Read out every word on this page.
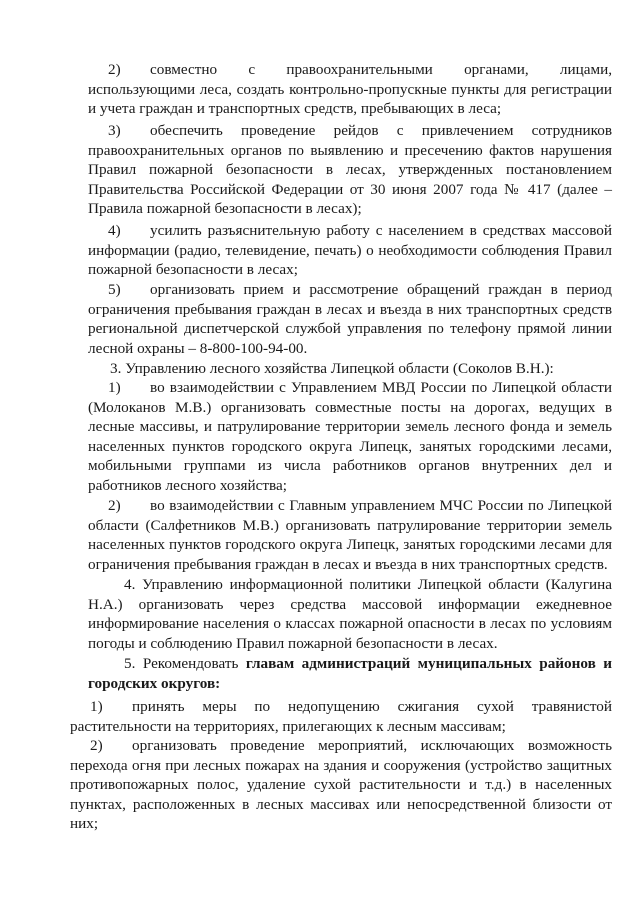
2) совместно с правоохранительными органами, лицами, использующими леса, создать контрольно-пропускные пункты для регистрации и учета граждан и транспортных средств, пребывающих в леса;
3) обеспечить проведение рейдов с привлечением сотрудников правоохранительных органов по выявлению и пресечению фактов нарушения Правил пожарной безопасности в лесах, утвержденных постановлением Правительства Российской Федерации от 30 июня 2007 года № 417 (далее – Правила пожарной безопасности в лесах);
4) усилить разъяснительную работу с населением в средствах массовой информации (радио, телевидение, печать) о необходимости соблюдения Правил пожарной безопасности в лесах;
5) организовать прием и рассмотрение обращений граждан в период ограничения пребывания граждан в лесах и въезда в них транспортных средств региональной диспетчерской службой управления по телефону прямой линии лесной охраны – 8-800-100-94-00.
3. Управлению лесного хозяйства Липецкой области (Соколов В.Н.):
1) во взаимодействии с Управлением МВД России по Липецкой области (Молоканов М.В.) организовать совместные посты на дорогах, ведущих в лесные массивы, и патрулирование территории земель лесного фонда и земель населенных пунктов городского округа Липецк, занятых городскими лесами, мобильными группами из числа работников органов внутренних дел и работников лесного хозяйства;
2) во взаимодействии с Главным управлением МЧС России по Липецкой области (Салфетников М.В.) организовать патрулирование территории земель населенных пунктов городского округа Липецк, занятых городскими лесами для ограничения пребывания граждан в лесах и въезда в них транспортных средств.
4. Управлению информационной политики Липецкой области (Калугина Н.А.) организовать через средства массовой информации ежедневное информирование населения о классах пожарной опасности в лесах по условиям погоды и соблюдению Правил пожарной безопасности в лесах.
5. Рекомендовать главам администраций муниципальных районов и городских округов:
1) принять меры по недопущению сжигания сухой травянистой растительности на территориях, прилегающих к лесным массивам;
2) организовать проведение мероприятий, исключающих возможность перехода огня при лесных пожарах на здания и сооружения (устройство защитных противопожарных полос, удаление сухой растительности и т.д.) в населенных пунктах, расположенных в лесных массивах или непосредственной близости от них;
